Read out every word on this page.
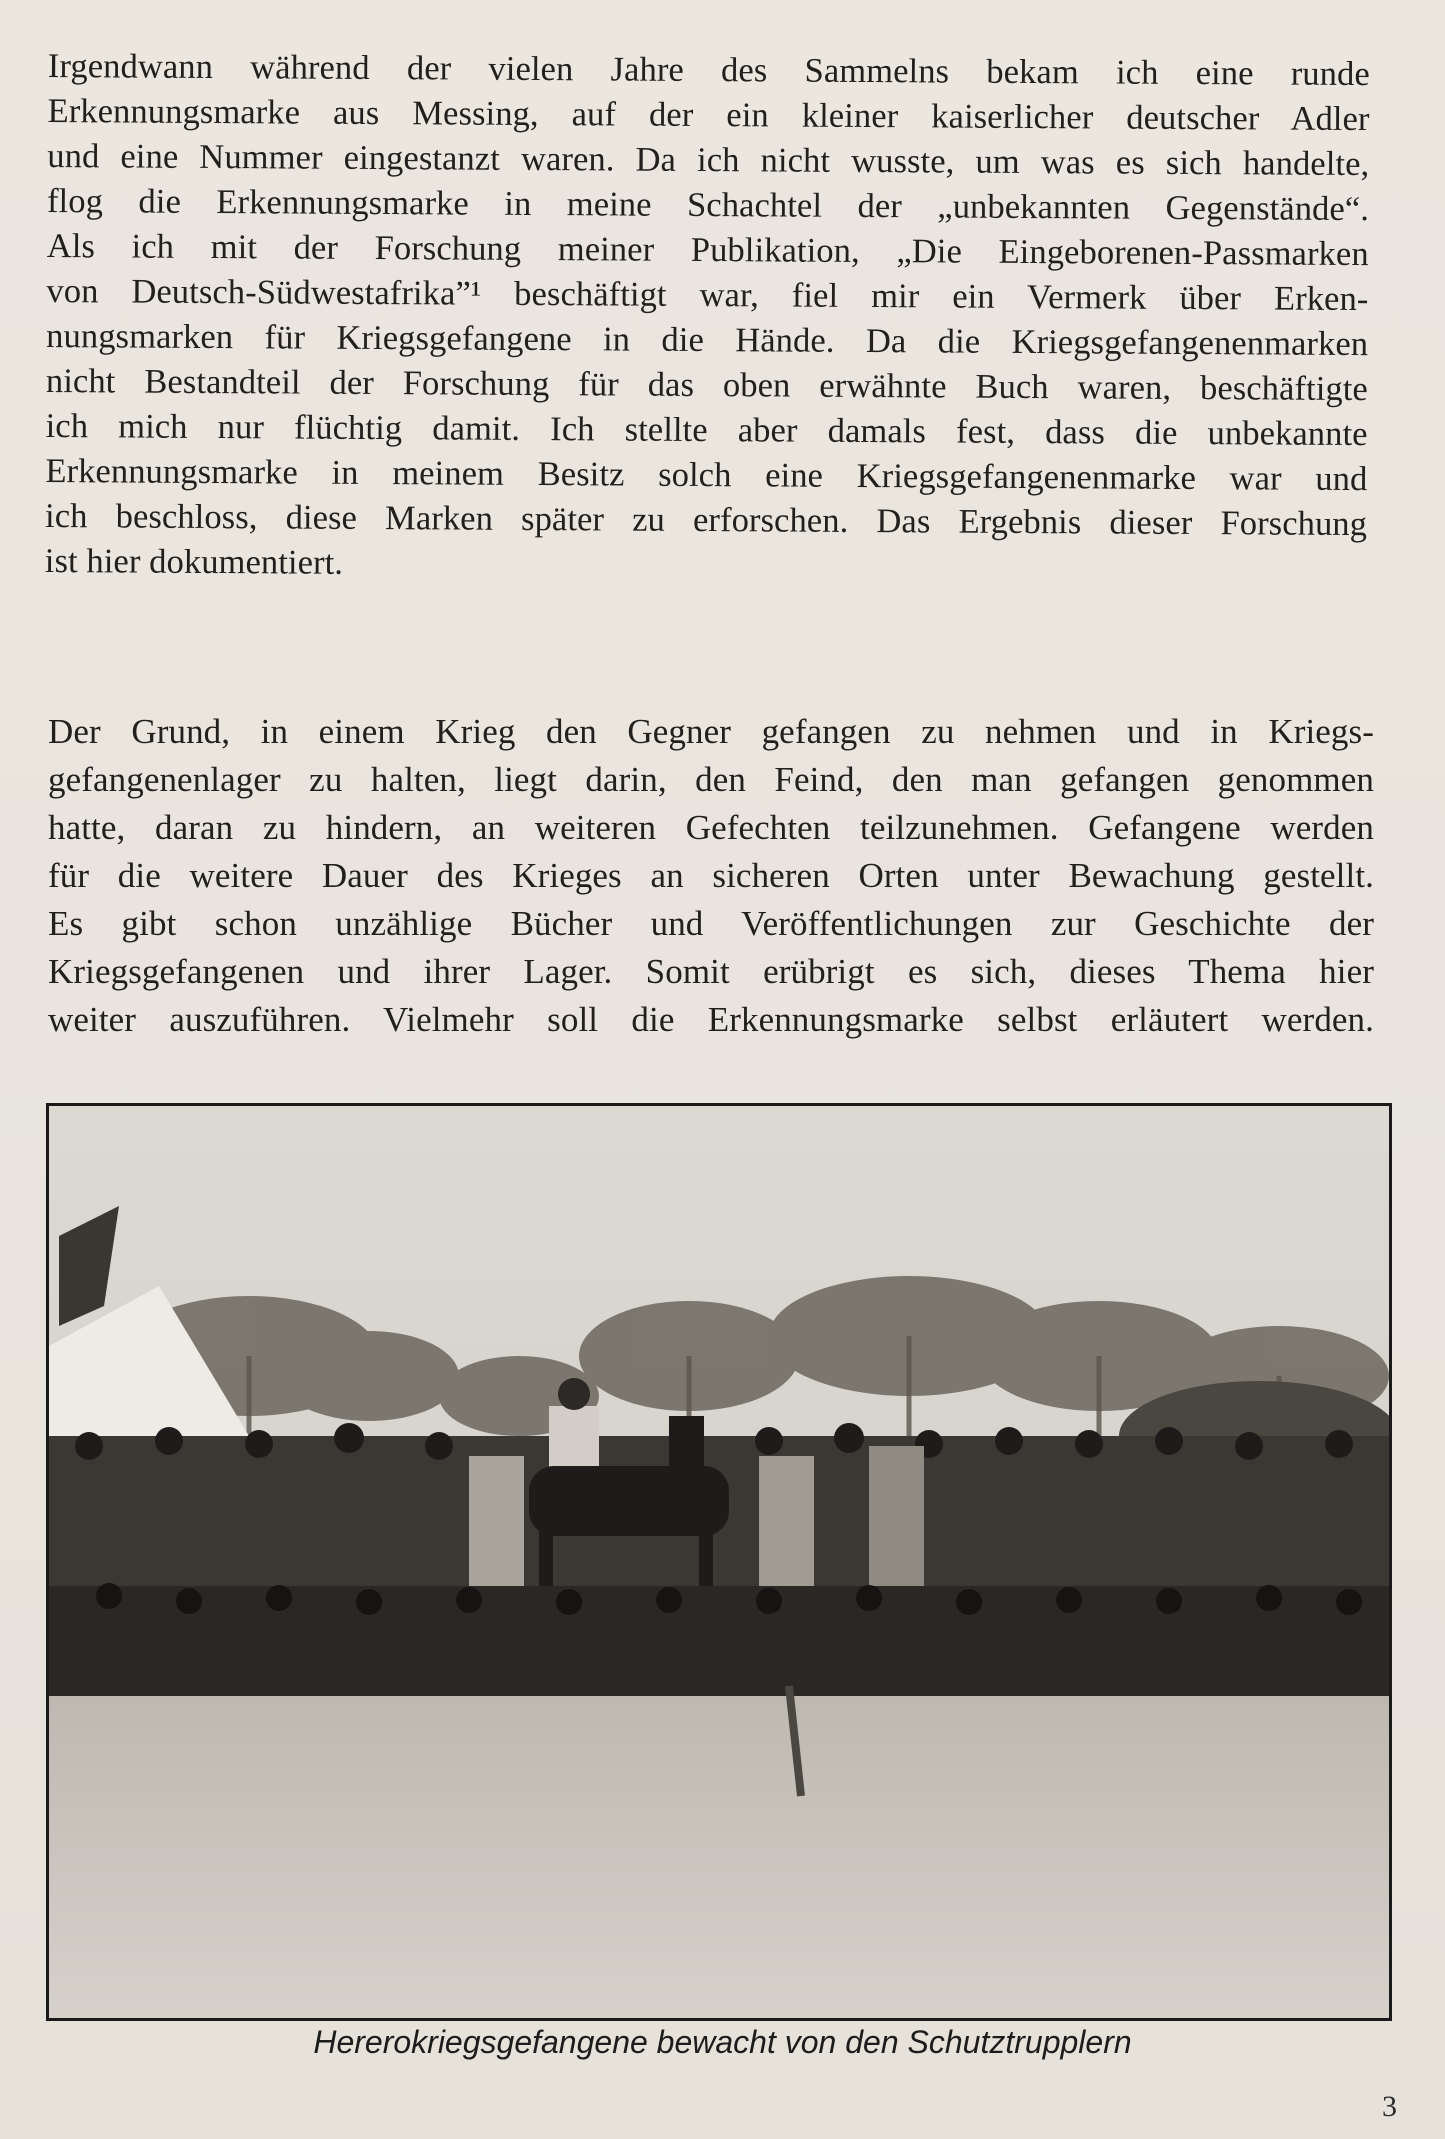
Irgendwann während der vielen Jahre des Sammelns bekam ich eine runde
Erkennungsmarke aus Messing, auf der ein kleiner kaiserlicher deutscher Adler
und eine Nummer eingestanzt waren. Da ich nicht wusste, um was es sich handelte,
flog die Erkennungsmarke in meine Schachtel der „unbekannten Gegenstände“.
Als ich mit der Forschung meiner Publikation, „Die Eingeborenen-Passmarken
von Deutsch-Südwestafrika”¹ beschäftigt war, fiel mir ein Vermerk über Erken-
nungsmarken für Kriegsgefangene in die Hände. Da die Kriegsgefangenenmarken
nicht Bestandteil der Forschung für das oben erwähnte Buch waren, beschäftigte
ich mich nur flüchtig damit. Ich stellte aber damals fest, dass die unbekannte
Erkennungsmarke in meinem Besitz solch eine Kriegsgefangenenmarke war und
ich beschloss, diese Marken später zu erforschen. Das Ergebnis dieser Forschung
ist hier dokumentiert.
Der Grund, in einem Krieg den Gegner gefangen zu nehmen und in Kriegs-
gefangenenlager zu halten, liegt darin, den Feind, den man gefangen genommen
hatte, daran zu hindern, an weiteren Gefechten teilzunehmen. Gefangene werden
für die weitere Dauer des Krieges an sicheren Orten unter Bewachung gestellt.
Es gibt schon unzählige Bücher und Veröffentlichungen zur Geschichte der
Kriegsgefangenen und ihrer Lager. Somit erübrigt es sich, dieses Thema hier
weiter auszuführen. Vielmehr soll die Erkennungsmarke selbst erläutert werden.
Hererokriegsgefangene bewacht von den Schutztrupplern
3
